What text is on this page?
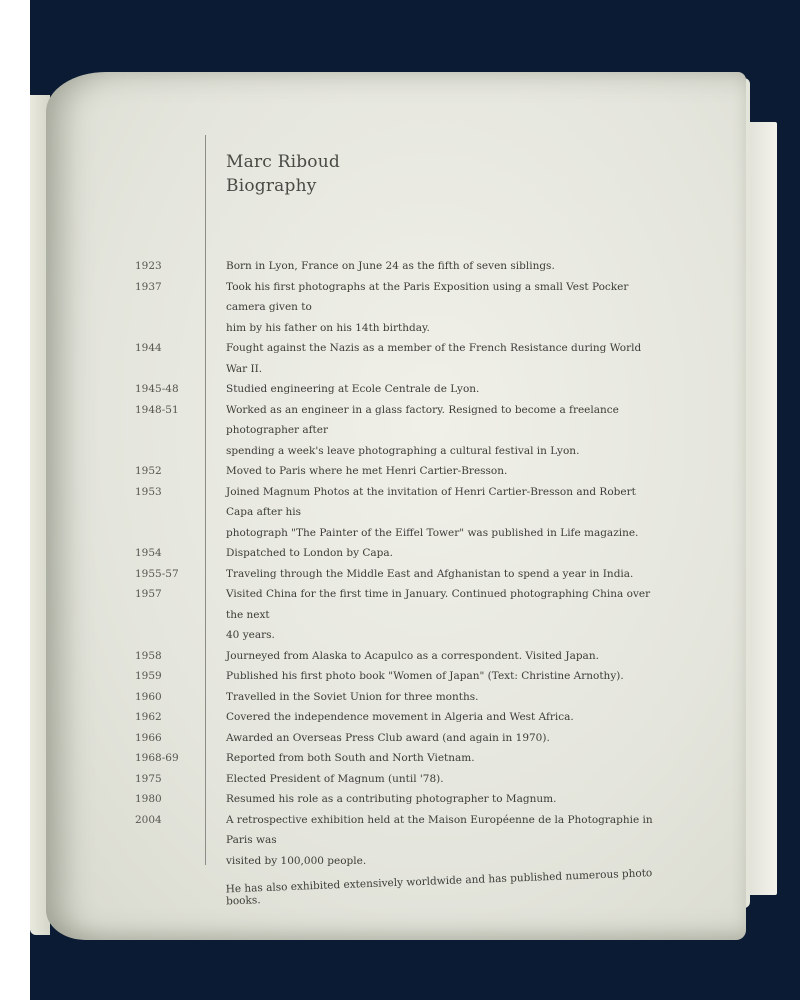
Marc Riboud
Biography
1923	Born in Lyon, France on June 24 as the fifth of seven siblings.
1937	Took his first photographs at the Paris Exposition using a small Vest Pocker camera given to
him by his father on his 14th birthday.
1944	Fought against the Nazis as a member of the French Resistance during World War II.
1945-48	Studied engineering at Ecole Centrale de Lyon.
1948-51	Worked as an engineer in a glass factory. Resigned to become a freelance photographer after
spending a week's leave photographing a cultural festival in Lyon.
1952	Moved to Paris where he met Henri Cartier-Bresson.
1953	Joined Magnum Photos at the invitation of Henri Cartier-Bresson and Robert Capa after his
photograph "The Painter of the Eiffel Tower" was published in Life magazine.
1954	Dispatched to London by Capa.
1955-57	Traveling through the Middle East and Afghanistan to spend a year in India.
1957	Visited China for the first time in January. Continued photographing China over the next
40 years.
1958	Journeyed from Alaska to Acapulco as a correspondent. Visited Japan.
1959	Published his first photo book "Women of Japan" (Text: Christine Arnothy).
1960	Travelled in the Soviet Union for three months.
1962	Covered the independence movement in Algeria and West Africa.
1966	Awarded an Overseas Press Club award (and again in 1970).
1968-69	Reported from both South and North Vietnam.
1975	Elected President of Magnum (until '78).
1980	Resumed his role as a contributing photographer to Magnum.
2004	A retrospective exhibition held at the Maison Européenne de la Photographie in Paris was
visited by 100,000 people.
He has also exhibited extensively worldwide and has published numerous photo books.
